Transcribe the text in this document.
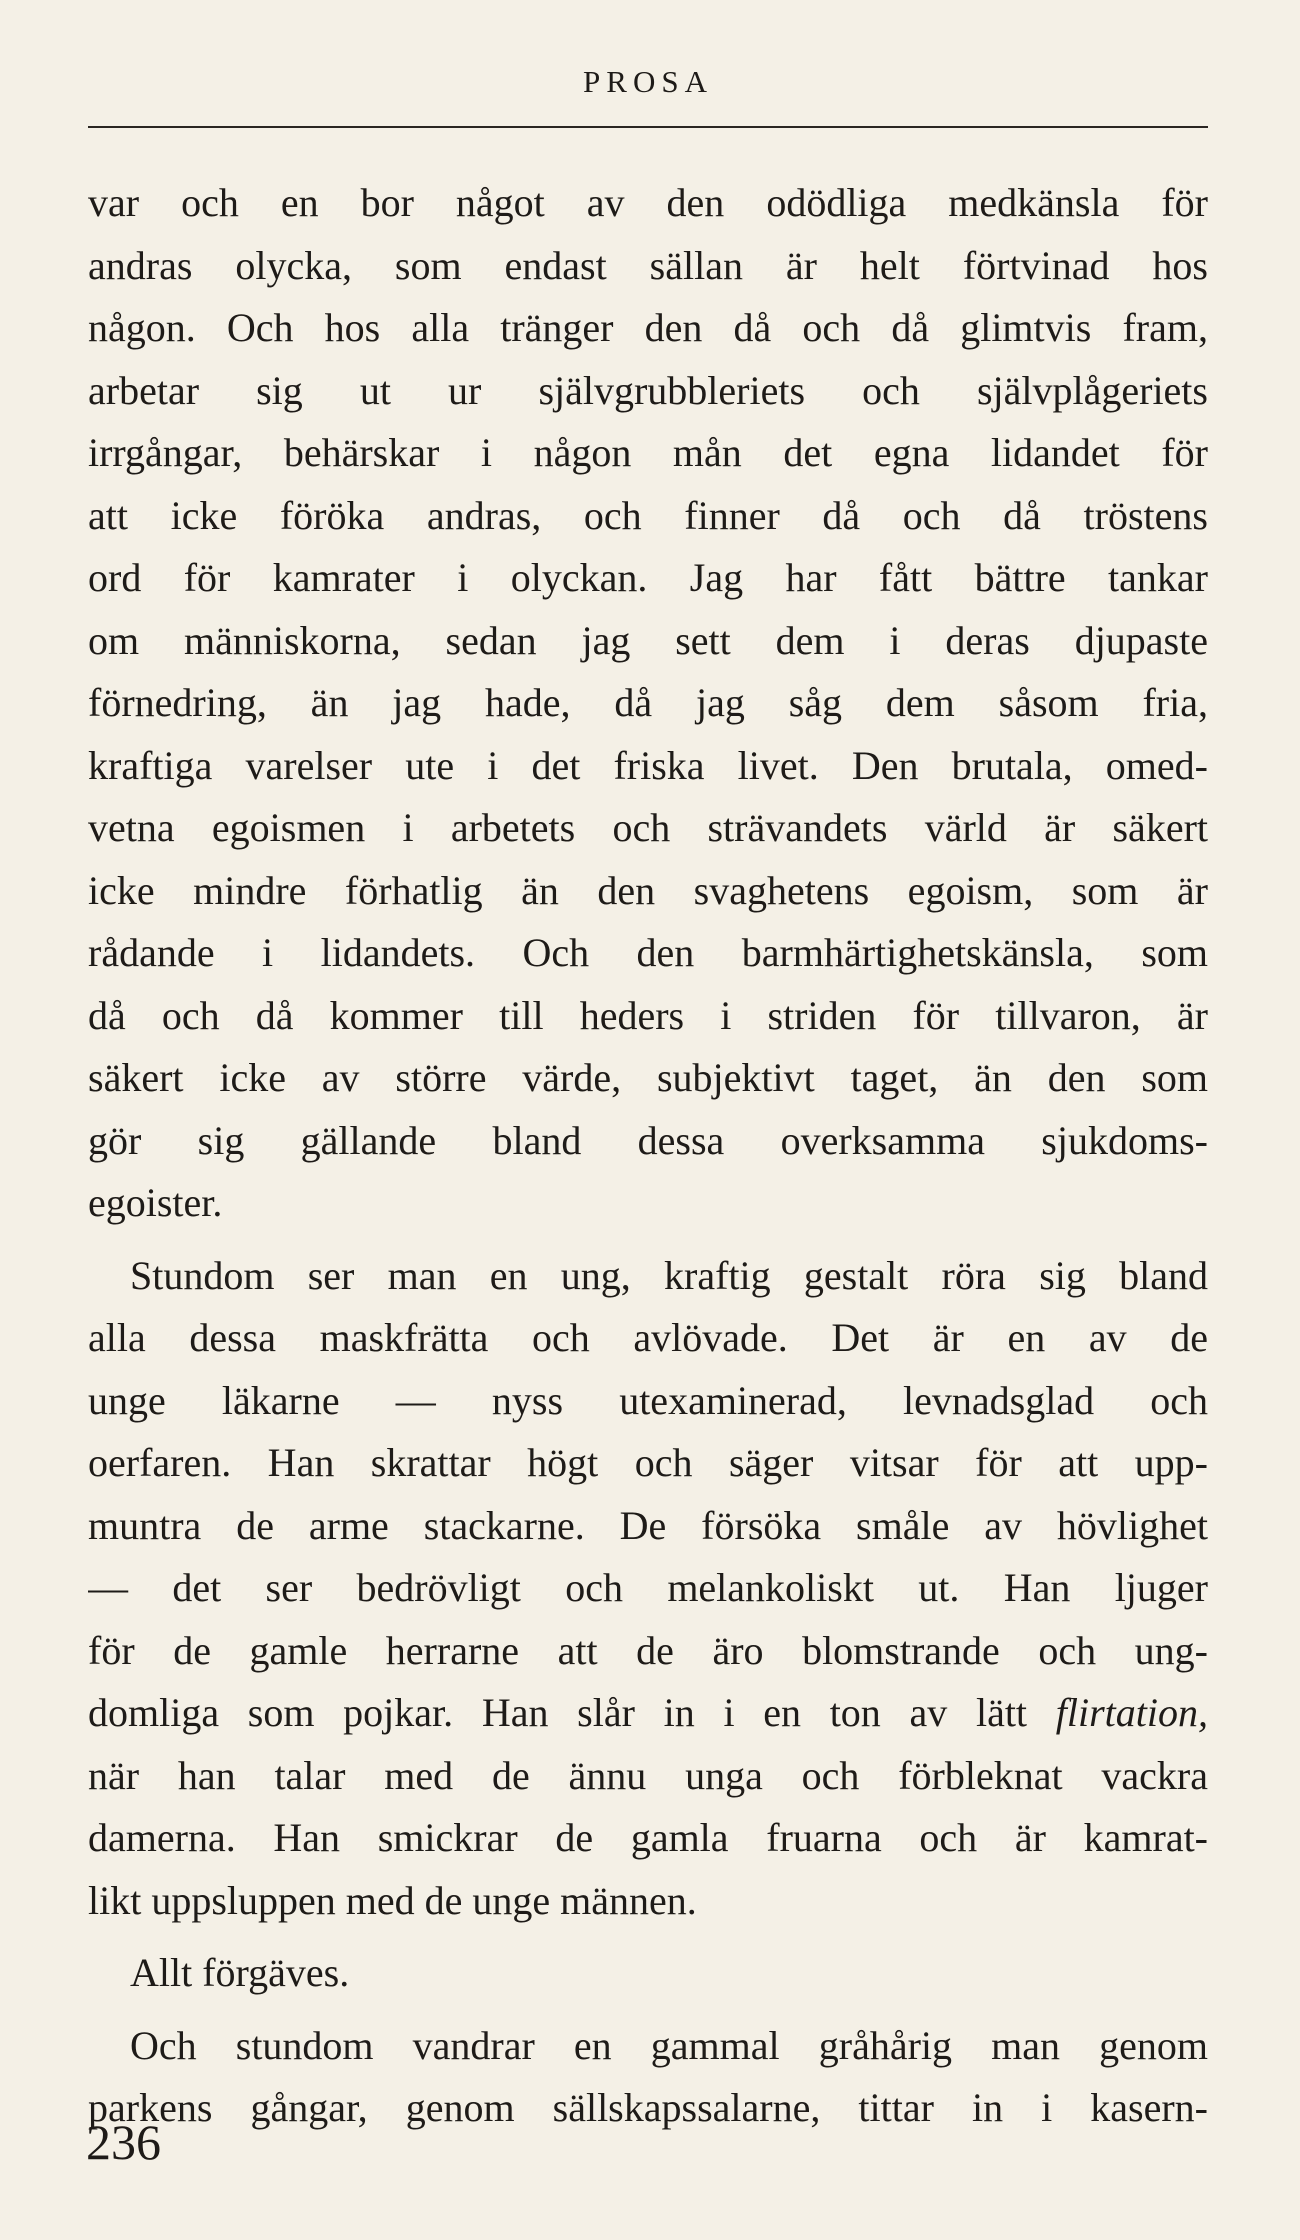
PROSA
var och en bor något av den odödliga medkänsla för
andras olycka, som endast sällan är helt förtvinad hos
någon. Och hos alla tränger den då och då glimtvis fram,
arbetar sig ut ur självgrubbleriets och självplågeriets
irrgångar, behärskar i någon mån det egna lidandet för
att icke föröka andras, och finner då och då tröstens
ord för kamrater i olyckan. Jag har fått bättre tankar
om människorna, sedan jag sett dem i deras djupaste
förnedring, än jag hade, då jag såg dem såsom fria,
kraftiga varelser ute i det friska livet. Den brutala, omed-
vetna egoismen i arbetets och strävandets värld är säkert
icke mindre förhatlig än den svaghetens egoism, som är
rådande i lidandets. Och den barmhärtighetskänsla, som
då och då kommer till heders i striden för tillvaron, är
säkert icke av större värde, subjektivt taget, än den som
gör sig gällande bland dessa overksamma sjukdoms-
egoister.
Stundom ser man en ung, kraftig gestalt röra sig bland
alla dessa maskfrätta och avlövade. Det är en av de
unge läkarne — nyss utexaminerad, levnadsglad och
oerfaren. Han skrattar högt och säger vitsar för att upp-
muntra de arme stackarne. De försöka småle av hövlighet
— det ser bedrövligt och melankoliskt ut. Han ljuger
för de gamle herrarne att de äro blomstrande och ung-
domliga som pojkar. Han slår in i en ton av lätt flirtation,
när han talar med de ännu unga och förbleknat vackra
damerna. Han smickrar de gamla fruarna och är kamrat-
likt uppsluppen med de unge männen.
Allt förgäves.
Och stundom vandrar en gammal gråhårig man genom
parkens gångar, genom sällskapssalarne, tittar in i kasern-
236
